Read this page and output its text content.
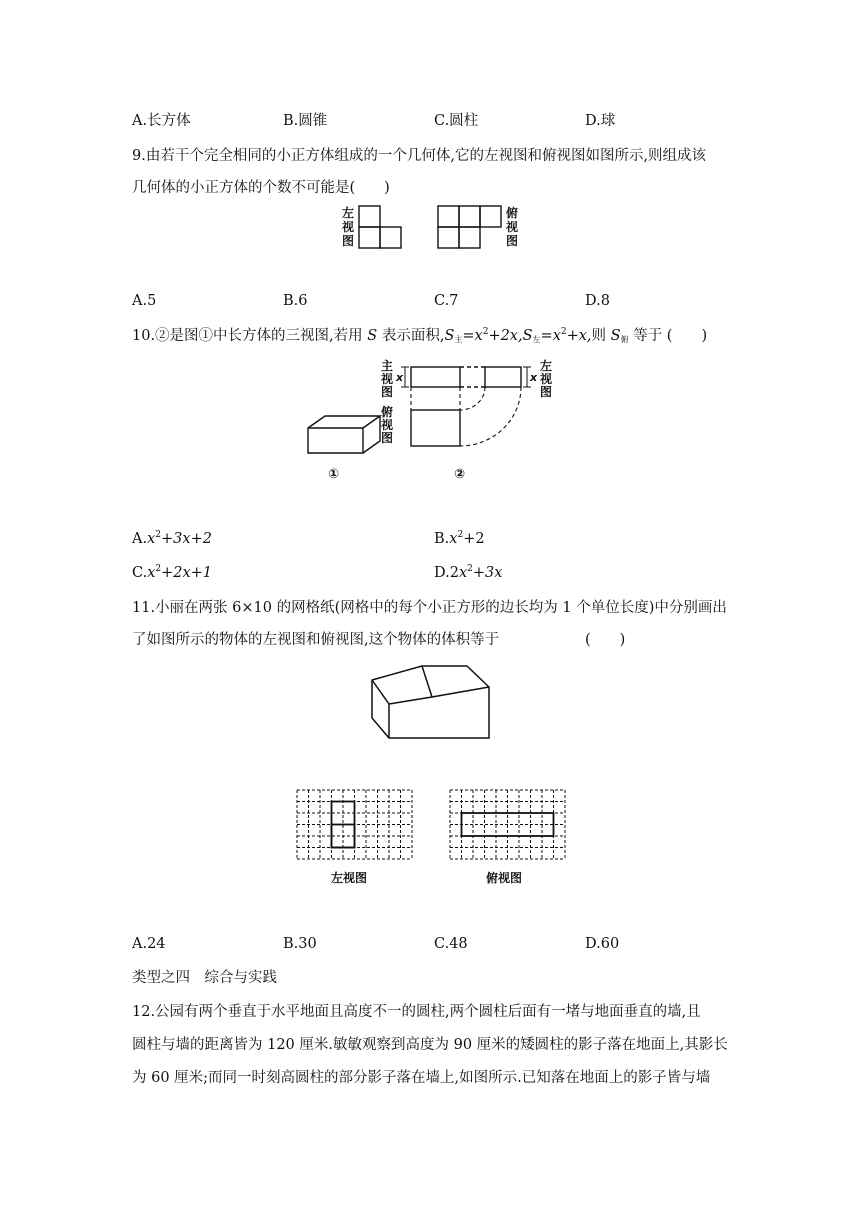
A.长方体	B.圆锥	C.圆柱	D.球
9.由若干个完全相同的小正方体组成的一个几何体,它的左视图和俯视图如图所示,则组成该
几何体的小正方体的个数不可能是(　　)
左
视
图
俯
视
图
A.5	B.6	C.7	D.8
10.②是图①中长方体的三视图,若用 S 表示面积$,S_主=x^2+2x,S_左=x^2+x$,则 $S_俯$ 等于 (　　)
①
主
视
图
x	x
左
视
图
俯
视
图
②
$A.x^2+3x+2$	$B.x^2+2$
$C.x^2+2x+1$	$D.2x^2+3x$
11.小丽在两张 6×10 的网格纸(网格中的每个小正方形的边长均为 1 个单位长度)中分别画出
了如图所示的物体的左视图和俯视图,这个物体的体积等于	(　　)
左视图	俯视图
A.24	B.30	C.48	D.60
类型之四　综合与实践
12.公园有两个垂直于水平地面且高度不一的圆柱,两个圆柱后面有一堵与地面垂直的墙,且
圆柱与墙的距离皆为 120 厘米.敏敏观察到高度为 90 厘米的矮圆柱的影子落在地面上,其影长
为 60 厘米;而同一时刻高圆柱的部分影子落在墙上,如图所示.已知落在地面上的影子皆与墙
